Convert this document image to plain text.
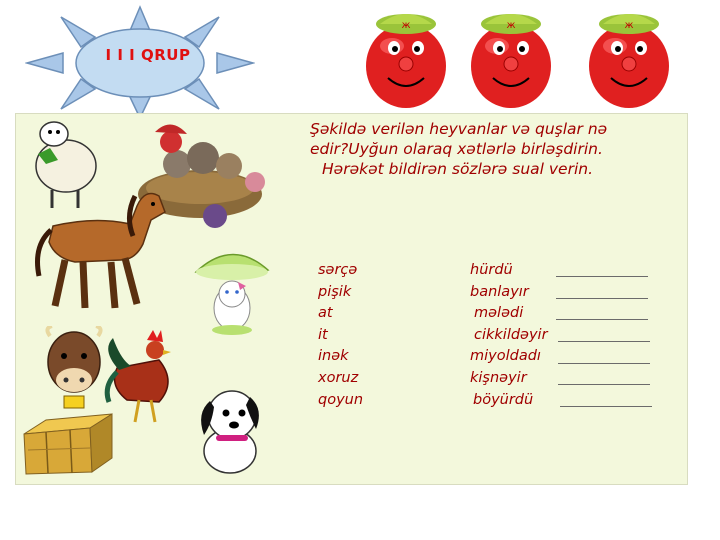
I I I QRUP
ж	ж	ж
Şəkildə verilən heyvanlar və quşlar nə
edir?Uyğun olaraq xətlərlə birləşdirin.
Hərəkət bildirən sözlərə sual verin.
sərçə
pişik
at
it
inək
xoruz
qoyun
hürdü
banlayır
mələdi
cikkildəyir
miyoldadı
kişnəyir
böyürdü
